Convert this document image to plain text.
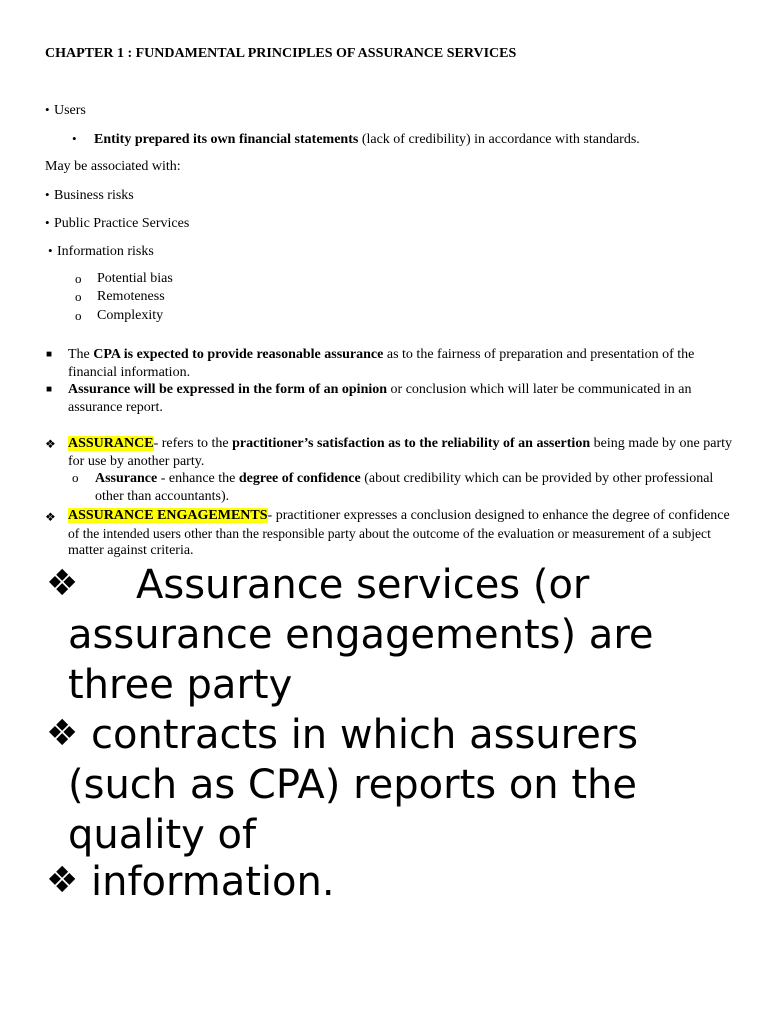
CHAPTER 1 : FUNDAMENTAL PRINCIPLES OF ASSURANCE SERVICES
• Users
• Entity prepared its own financial statements (lack of credibility) in accordance with standards.
May be associated with:
• Business risks
• Public Practice Services
• Information risks
o Potential bias
o Remoteness
o Complexity
■ The CPA is expected to provide reasonable assurance as to the fairness of preparation and presentation of the
financial information.
■ Assurance will be expressed in the form of an opinion or conclusion which will later be communicated in an
assurance report.
❖ ASSURANCE- refers to the practitioner’s satisfaction as to the reliability of an assertion being made by one party
for use by another party.
o Assurance - enhance the degree of confidence (about credibility which can be provided by other professional
other than accountants).
❖ ASSURANCE ENGAGEMENTS- practitioner expresses a conclusion designed to enhance the degree of confidence
of the intended users other than the responsible party about the outcome of the evaluation or measurement of a subject
matter against criteria.
❖ Assurance services (or
assurance engagements) are
three party
❖ contracts in which assurers
(such as CPA) reports on the
quality of
❖ information.
